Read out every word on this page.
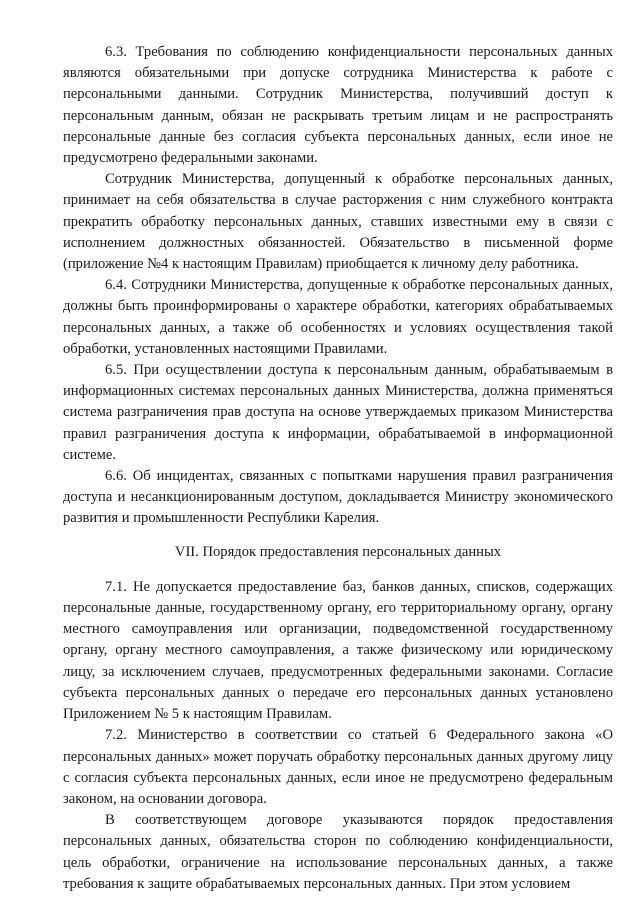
6.3. Требования по соблюдению конфиденциальности персональных данных являются обязательными при допуске сотрудника Министерства к работе с персональными данными. Сотрудник Министерства, получивший доступ к персональным данным, обязан не раскрывать третьим лицам и не распространять персональные данные без согласия субъекта персональных данных, если иное не предусмотрено федеральными законами.

Сотрудник Министерства, допущенный к обработке персональных данных, принимает на себя обязательства в случае расторжения с ним служебного контракта прекратить обработку персональных данных, ставших известными ему в связи с исполнением должностных обязанностей. Обязательство в письменной форме (приложение №4 к настоящим Правилам) приобщается к личному делу работника.

6.4. Сотрудники Министерства, допущенные к обработке персональных данных, должны быть проинформированы о характере обработки, категориях обрабатываемых персональных данных, а также об особенностях и условиях осуществления такой обработки, установленных настоящими Правилами.

6.5. При осуществлении доступа к персональным данным, обрабатываемым в информационных системах персональных данных Министерства, должна применяться система разграничения прав доступа на основе утверждаемых приказом Министерства правил разграничения доступа к информации, обрабатываемой в информационной системе.

6.6. Об инцидентах, связанных с попытками нарушения правил разграничения доступа и несанкционированным доступом, докладывается Министру экономического развития и промышленности Республики Карелия.

VII. Порядок предоставления персональных данных

7.1. Не допускается предоставление баз, банков данных, списков, содержащих персональные данные, государственному органу, его территориальному органу, органу местного самоуправления или организации, подведомственной государственному органу, органу местного самоуправления, а также физическому или юридическому лицу, за исключением случаев, предусмотренных федеральными законами. Согласие субъекта персональных данных о передаче его персональных данных установлено Приложением № 5 к настоящим Правилам.

7.2. Министерство в соответствии со статьей 6 Федерального закона «О персональных данных» может поручать обработку персональных данных другому лицу с согласия субъекта персональных данных, если иное не предусмотрено федеральным законом, на основании договора.

В соответствующем договоре указываются порядок предоставления персональных данных, обязательства сторон по соблюдению конфиденциальности, цель обработки, ограничение на использование персональных данных, а также требования к защите обрабатываемых персональных данных. При этом условием
